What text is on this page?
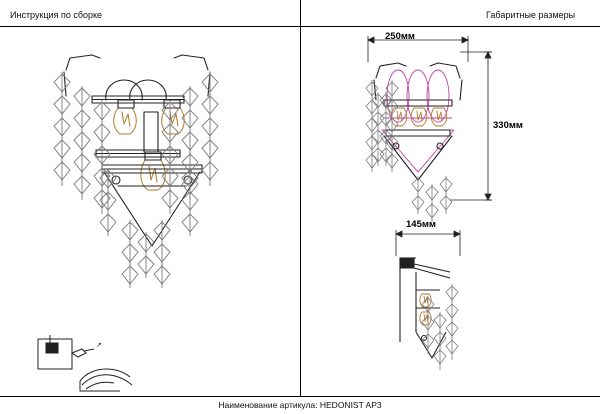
Инструкция по сборке	Габаритные размеры
250мм
330мм
145мм
Наименование артикула: HEDONIST AP3
↗
